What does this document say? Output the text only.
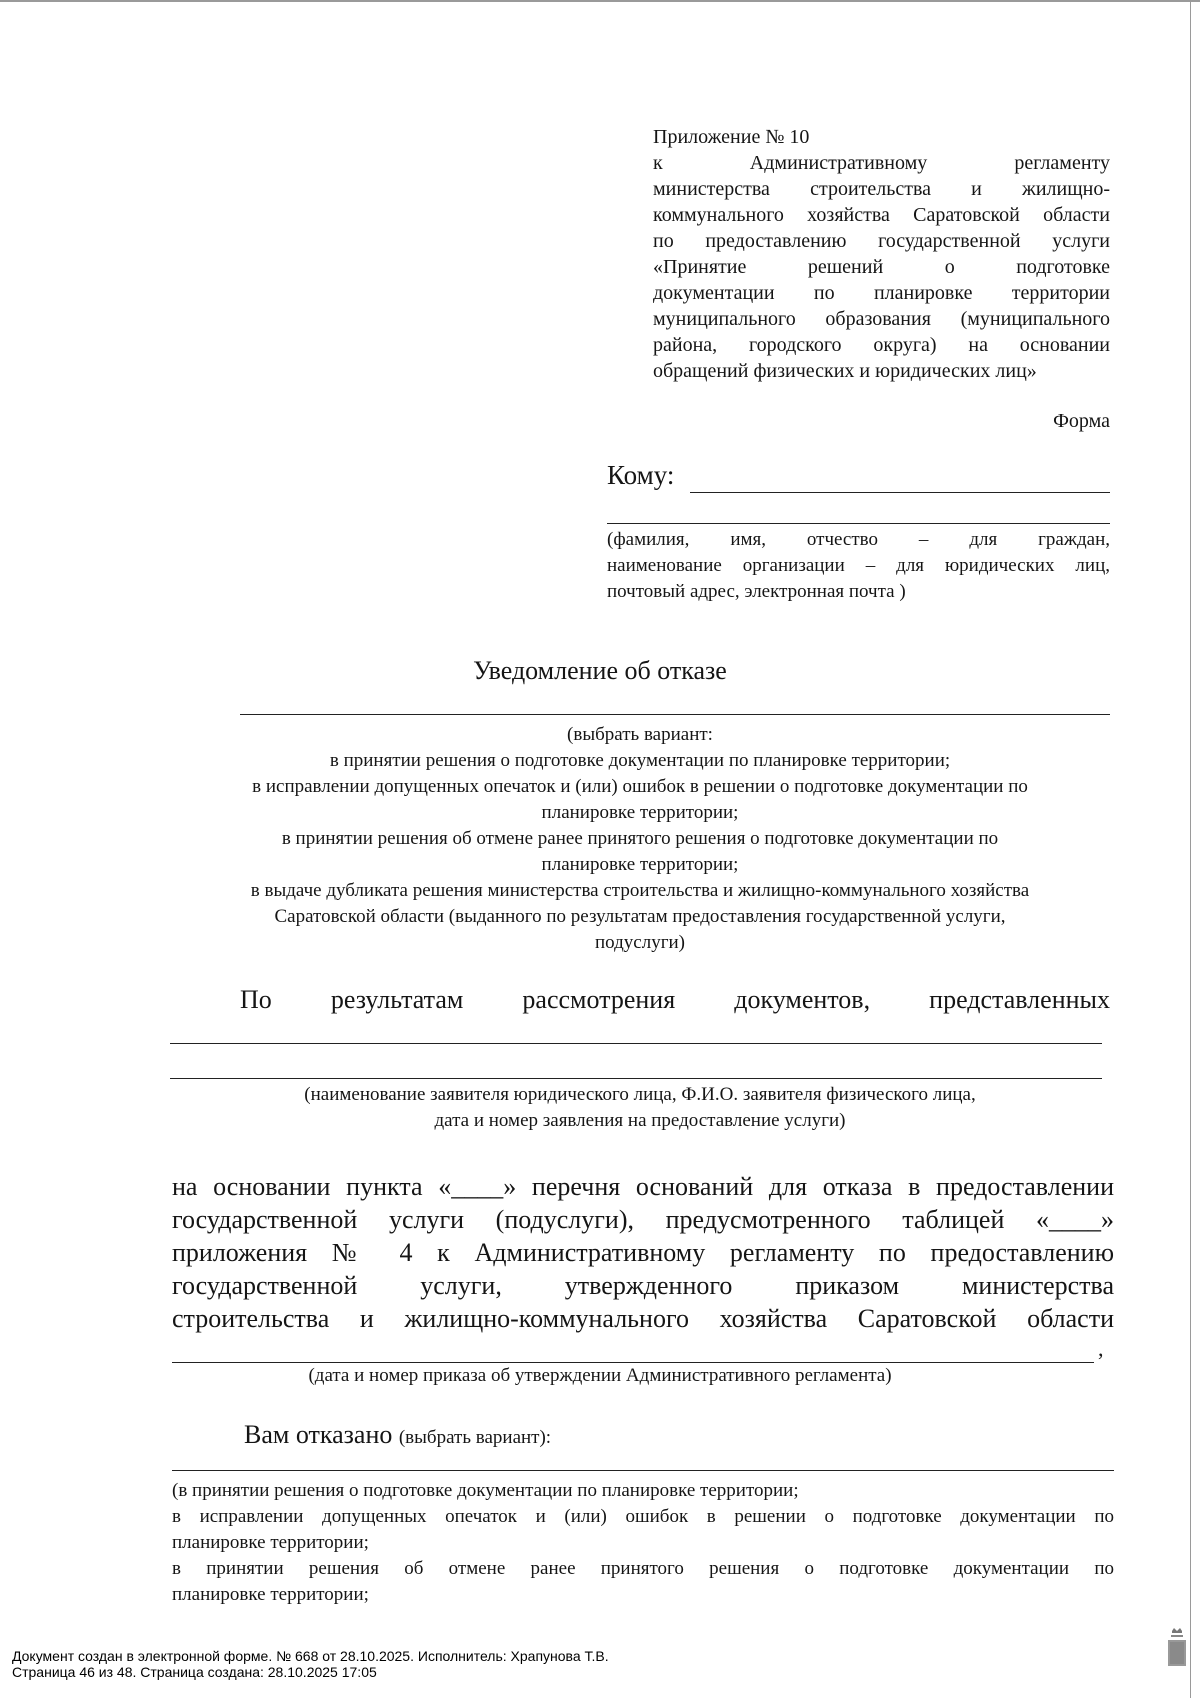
Приложение № 10
к Административному регламенту
министерства строительства и жилищно-
коммунального хозяйства Саратовской области
по предоставлению государственной услуги
«Принятие решений о подготовке
документации по планировке территории
муниципального образования (муниципального
района, городского округа) на основании
обращений физических и юридических лиц»
Форма
Кому:
(фамилия, имя, отчество – для граждан,
наименование организации – для юридических лиц,
почтовый адрес, электронная почта )
Уведомление об отказе
(выбрать вариант:
в принятии решения о подготовке документации по планировке территории;
в исправлении допущенных опечаток и (или) ошибок в решении о подготовке документации по
планировке территории;
в принятии решения об отмене ранее принятого решения о подготовке документации по
планировке территории;
в выдаче дубликата решения министерства строительства и жилищно-коммунального хозяйства
Саратовской области (выданного по результатам предоставления государственной услуги,
подуслуги)
По результатам рассмотрения документов, представленных
(наименование заявителя юридического лица, Ф.И.О. заявителя физического лица,
дата и номер заявления на предоставление услуги)
на основании пункта «____» перечня оснований для отказа в предоставлении
государственной услуги (подуслуги), предусмотренного таблицей «____»
приложения № 4 к Административному регламенту по предоставлению
государственной услуги, утвержденного приказом министерства
строительства и жилищно-коммунального хозяйства Саратовской области
,
(дата и номер приказа об утверждении Административного регламента)
Вам отказано (выбрать вариант):
(в принятии решения о подготовке документации по планировке территории;
в исправлении допущенных опечаток и (или) ошибок в решении о подготовке документации по
планировке территории;
в принятии решения об отмене ранее принятого решения о подготовке документации по
планировке территории;
Документ создан в электронной форме. № 668 от 28.10.2025. Исполнитель: Храпунова Т.В.
Страница 46 из 48. Страница создана: 28.10.2025 17:05
